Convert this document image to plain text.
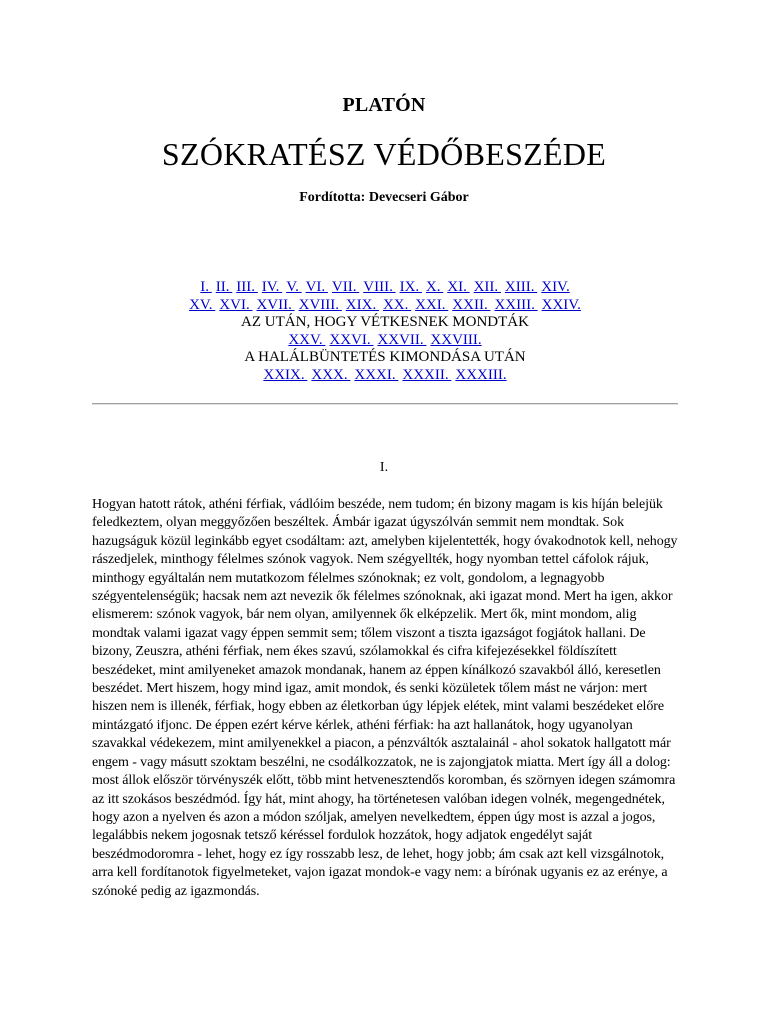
PLATÓN
SZÓKRATÉSZ VÉDŐBESZÉDE
Fordította: Devecseri Gábor
I. II. III. IV. V. VI. VII. VIII. IX. X. XI. XII. XIII. XIV.
XV. XVI. XVII. XVIII. XIX. XX. XXI. XXII. XXIII. XXIV.
AZ UTÁN, HOGY VÉTKESNEK MONDTÁK
XXV. XXVI. XXVII. XXVIII.
A HALÁLBÜNTETÉS KIMONDÁSA UTÁN
XXIX. XXX. XXXI. XXXII. XXXIII.
I.
Hogyan hatott rátok, athéni férfiak, vádlóim beszéde, nem tudom; én bizony magam is kis híján belejük feledkeztem, olyan meggyőzően beszéltek. Ámbár igazat úgyszólván semmit nem mondtak. Sok hazugságuk közül leginkább egyet csodáltam: azt, amelyben kijelentették, hogy óvakodnotok kell, nehogy rászedjelek, minthogy félelmes szónok vagyok. Nem szégyellték, hogy nyomban tettel cáfolok rájuk, minthogy egyáltalán nem mutatkozom félelmes szónoknak; ez volt, gondolom, a legnagyobb szégyentelenségük; hacsak nem azt nevezik ők félelmes szónoknak, aki igazat mond. Mert ha igen, akkor elismerem: szónok vagyok, bár nem olyan, amilyennek ők elképzelik. Mert ők, mint mondom, alig mondtak valami igazat vagy éppen semmit sem; tőlem viszont a tiszta igazságot fogjátok hallani. De bizony, Zeuszra, athéni férfiak, nem ékes szavú, szólamokkal és cifra kifejezésekkel földíszített beszédeket, mint amilyeneket amazok mondanak, hanem az éppen kínálkozó szavakból álló, keresetlen beszédet. Mert hiszem, hogy mind igaz, amit mondok, és senki közületek tőlem mást ne várjon: mert hiszen nem is illenék, férfiak, hogy ebben az életkorban úgy lépjek elétek, mint valami beszédeket előre mintázgató ifjonc. De éppen ezért kérve kérlek, athéni férfiak: ha azt hallanátok, hogy ugyanolyan szavakkal védekezem, mint amilyenekkel a piacon, a pénzváltók asztalainál - ahol sokatok hallgatott már engem - vagy másutt szoktam beszélni, ne csodálkozzatok, ne is zajongjatok miatta. Mert így áll a dolog: most állok először törvényszék előtt, több mint hetvenesztendős koromban, és szörnyen idegen számomra az itt szokásos beszédmód. Így hát, mint ahogy, ha történetesen valóban idegen volnék, megengednétek, hogy azon a nyelven és azon a módon szóljak, amelyen nevelkedtem, éppen úgy most is azzal a jogos, legalábbis nekem jogosnak tetsző kéréssel fordulok hozzátok, hogy adjatok engedélyt saját beszédmodoromra - lehet, hogy ez így rosszabb lesz, de lehet, hogy jobb; ám csak azt kell vizsgálnotok, arra kell fordítanotok figyelmeteket, vajon igazat mondok-e vagy nem: a bírónak ugyanis ez az erénye, a szónoké pedig az igazmondás.
